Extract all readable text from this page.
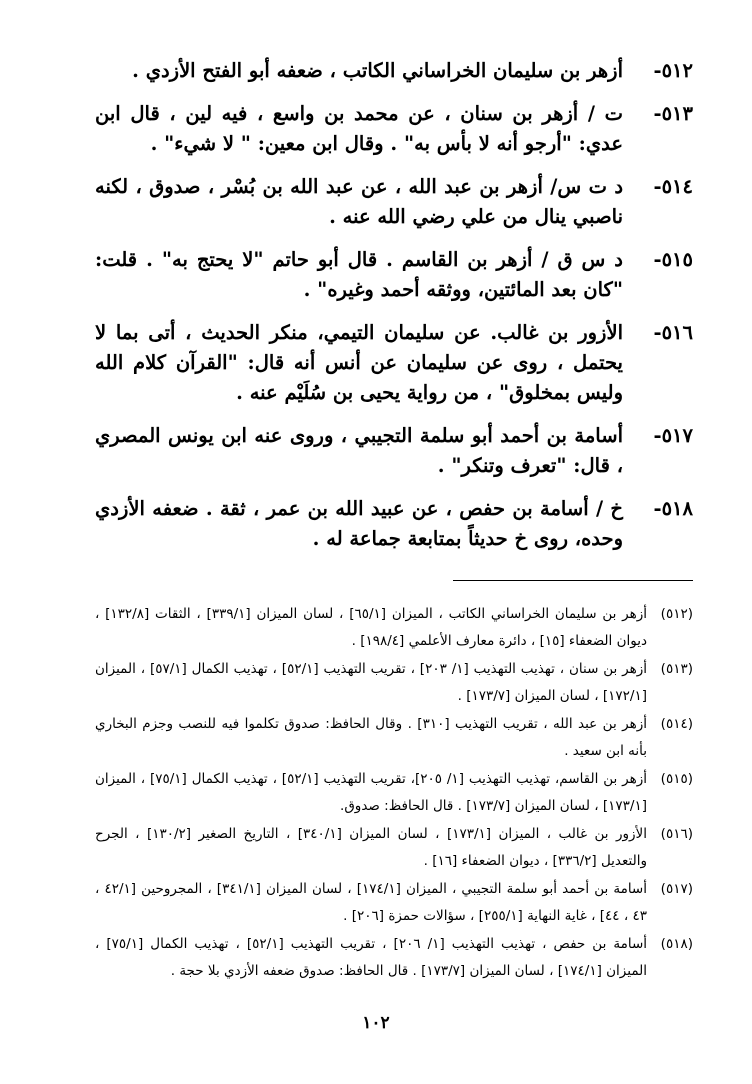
٥١٢-
أزهر بن سليمان الخراساني الكاتب ، ضعفه أبو الفتح الأزدي .
٥١٣-
ت / أزهر بن سنان ، عن محمد بن واسع ، فيه لين ، قال ابن عدي: "أرجو أنه لا بأس به" . وقال ابن معين: " لا شيء" .
٥١٤-
د ت س/ أزهر بن عبد الله ، عن عبد الله بن بُسْر ، صدوق ، لكنه ناصبي ينال من علي رضي الله عنه .
٥١٥-
د س ق / أزهر بن القاسم . قال أبو حاتم "لا يحتج به" . قلت: "كان بعد المائتين، ووثقه أحمد وغيره" .
٥١٦-
الأزور بن غالب. عن سليمان التيمي، منكر الحديث ، أتى بما لا يحتمل ، روى عن سليمان عن أنس أنه قال: "القرآن كلام الله وليس بمخلوق" ، من رواية يحيى بن سُلَيْم عنه .
٥١٧-
أسامة بن أحمد أبو سلمة التجيبي ، وروى عنه ابن يونس المصري ، قال: "تعرف وتنكر" .
٥١٨-
خ / أسامة بن حفص ، عن عبيد الله بن عمر ، ثقة . ضعفه الأزدي وحده، روى خ حديثاً بمتابعة جماعة له .
(٥١٢)
أزهر بن سليمان الخراساني الكاتب ، الميزان [٦٥/١] ، لسان الميزان [٣٣٩/١] ، الثقات [١٣٢/٨] ، ديوان الضعفاء [١٥] ، دائرة معارف الأعلمي [١٩٨/٤] .
(٥١٣)
أزهر بن سنان ، تهذيب التهذيب [١/ ٢٠٣] ، تقريب التهذيب [٥٢/١] ، تهذيب الكمال [٥٧/١] ، الميزان [١٧٢/١] ، لسان الميزان [١٧٣/٧] .
(٥١٤)
أزهر بن عبد الله ، تقريب التهذيب [٣١٠] . وقال الحافظ: صدوق تكلموا فيه للنصب وجزم البخاري بأنه ابن سعيد .
(٥١٥)
أزهر بن القاسم، تهذيب التهذيب [١/ ٢٠٥]، تقريب التهذيب [٥٢/١] ، تهذيب الكمال [٧٥/١] ، الميزان [١٧٣/١] ، لسان الميزان [١٧٣/٧] . قال الحافظ: صدوق.
(٥١٦)
الأزور بن غالب ، الميزان [١٧٣/١] ، لسان الميزان [٣٤٠/١] ، التاريخ الصغير [١٣٠/٢] ، الجرح والتعديل [٣٣٦/٢] ، ديوان الضعفاء [١٦] .
(٥١٧)
أسامة بن أحمد أبو سلمة التجيبي ، الميزان [١٧٤/١] ، لسان الميزان [٣٤١/١] ، المجروحين [٤٢/١ ، ٤٣ ، ٤٤] ، غاية النهاية [٢٥٥/١] ، سؤالات حمزة [٢٠٦] .
(٥١٨)
أسامة بن حفص ، تهذيب التهذيب [١/ ٢٠٦] ، تقريب التهذيب [٥٢/١] ، تهذيب الكمال [٧٥/١] ، الميزان [١٧٤/١] ، لسان الميزان [١٧٣/٧] . قال الحافظ: صدوق ضعفه الأزدي بلا حجة .
١٠٢
